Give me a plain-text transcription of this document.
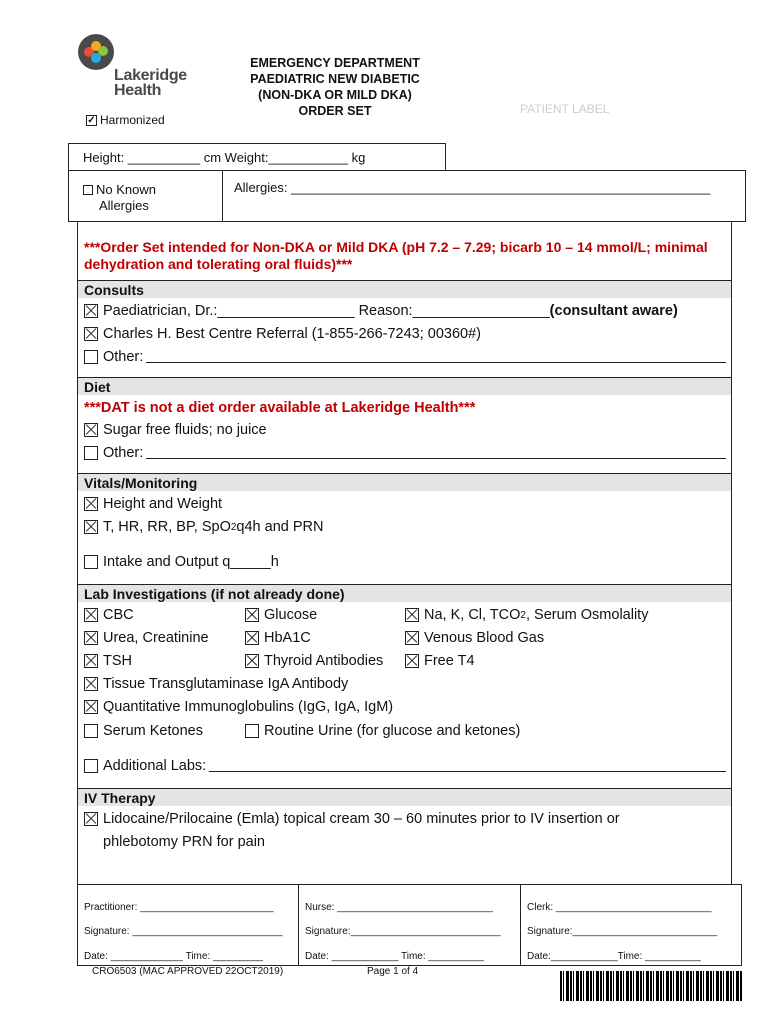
Lakeridge
Health
✓ Harmonized
EMERGENCY DEPARTMENT
PAEDIATRIC NEW DIABETIC
(NON-DKA OR MILD DKA)
ORDER SET	PATIENT LABEL
Height: __________ cm Weight:___________ kg
No Known
Allergies
Allergies: __________________________________________________________
***Order Set intended for Non-DKA or Mild DKA (pH 7.2 – 7.29; bicarb 10 – 14 mmol/L; minimal dehydration and tolerating oral fluids)***
Consults
Paediatrician, Dr.:_________________ Reason:_________________ (consultant aware)
Charles H. Best Centre Referral (1-855-266-7243; 00360#)
Other:
Diet
***DAT is not a diet order available at Lakeridge Health***
Sugar free fluids; no juice
Other:
Vitals/Monitoring
Height and Weight
T, HR, RR, BP, SpO 2 q4h and PRN
Intake and Output q_____h
Lab Investigations (if not already done)
CBC	Glucose	Na, K, Cl, TCO 2 , Serum Osmolality
Urea, Creatinine	HbA1C	Venous Blood Gas
TSH	Thyroid Antibodies	Free T4
Tissue Transglutaminase IgA Antibody
Quantitative Immunoglobulins (IgG, IgA, IgM)
Serum Ketones	Routine Urine (for glucose and ketones)
Additional Labs:
IV Therapy
Lidocaine/Prilocaine (Emla) topical cream 30 – 60 minutes prior to IV insertion or
phlebotomy PRN for pain
Practitioner: ________________________
Signature: ___________________________
Date: _____________ Time: _________
Nurse: ____________________________
Signature:___________________________
Date: ____________ Time: __________
Clerk: ____________________________
Signature:__________________________
Date:____________Time: __________
CRO6503 (MAC APPROVED 22OCT2019)	Page 1 of 4
